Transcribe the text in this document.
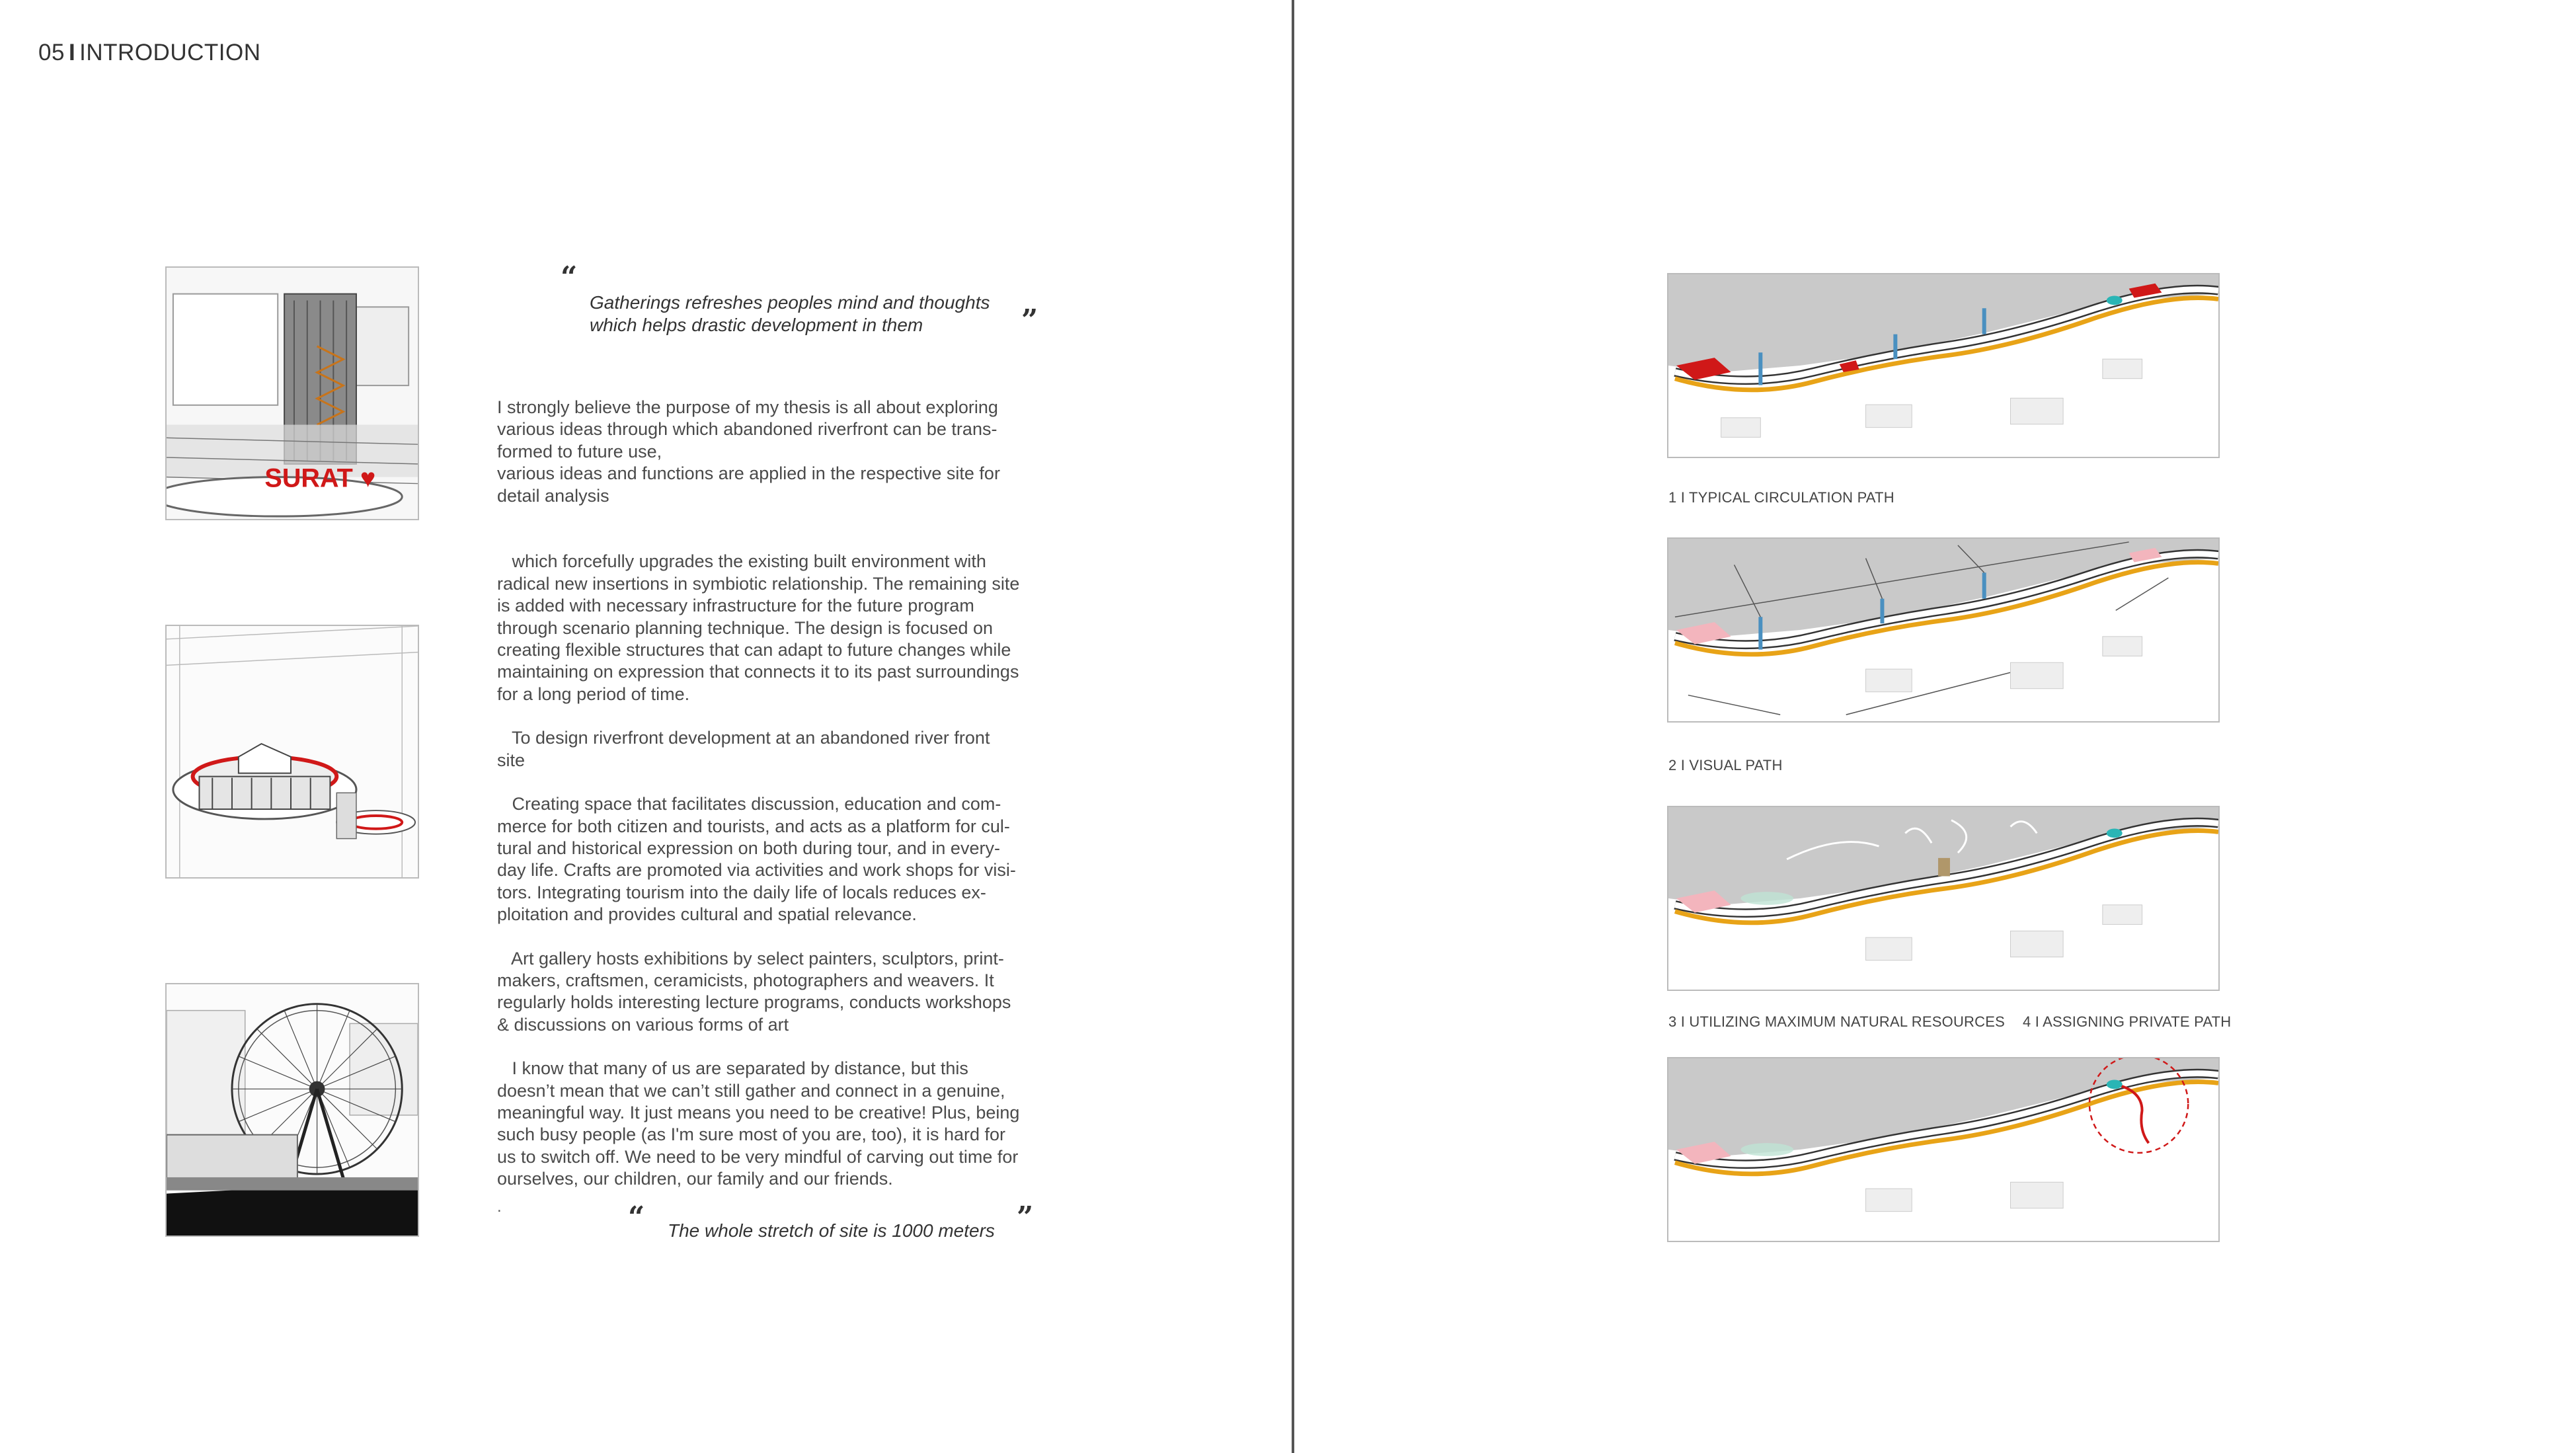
05 I INTRODUCTION
SURAT ♥
“
Gatherings refreshes peoples mind and thoughts
which helps drastic development in them	”

I strongly believe the purpose of my thesis is all about exploring
various ideas through which abandoned riverfront can be trans-
formed to future use,
various ideas and functions are applied in the respective site for
detail analysis

which forcefully upgrades the existing built environment with
radical new insertions in symbiotic relationship. The remaining site
is added with necessary infrastructure for the future program
through scenario planning technique. The design is focused on
creating flexible structures that can adapt to future changes while
maintaining on expression that connects it to its past surroundings
for a long period of time.

To design riverfront development at an abandoned river front
site

Creating space that facilitates discussion, education and com-
merce for both citizen and tourists, and acts as a platform for cul-
tural and historical expression on both during tour, and in every-
day life. Crafts are promoted via activities and work shops for visi-
tors. Integrating tourism into the daily life of locals reduces ex-
ploitation and provides cultural and spatial relevance.

Art gallery hosts exhibitions by select painters, sculptors, print-
makers, craftsmen, ceramicists, photographers and weavers. It
regularly holds interesting lecture programs, conducts workshops
& discussions on various forms of art

I know that many of us are separated by distance, but this
doesn’t mean that we can’t still gather and connect in a genuine,
meaningful way. It just means you need to be creative! Plus, being
such busy people (as I'm sure most of you are, too), it is hard for
us to switch off. We need to be very mindful of carving out time for
ourselves, our children, our family and our friends.

.	“ The whole stretch of site is 1000 meters ”
1 I TYPICAL CIRCULATION PATH
2 I VISUAL PATH
3 I UTILIZING MAXIMUM NATURAL RESOURCES 4 I ASSIGNING PRIVATE PATH
